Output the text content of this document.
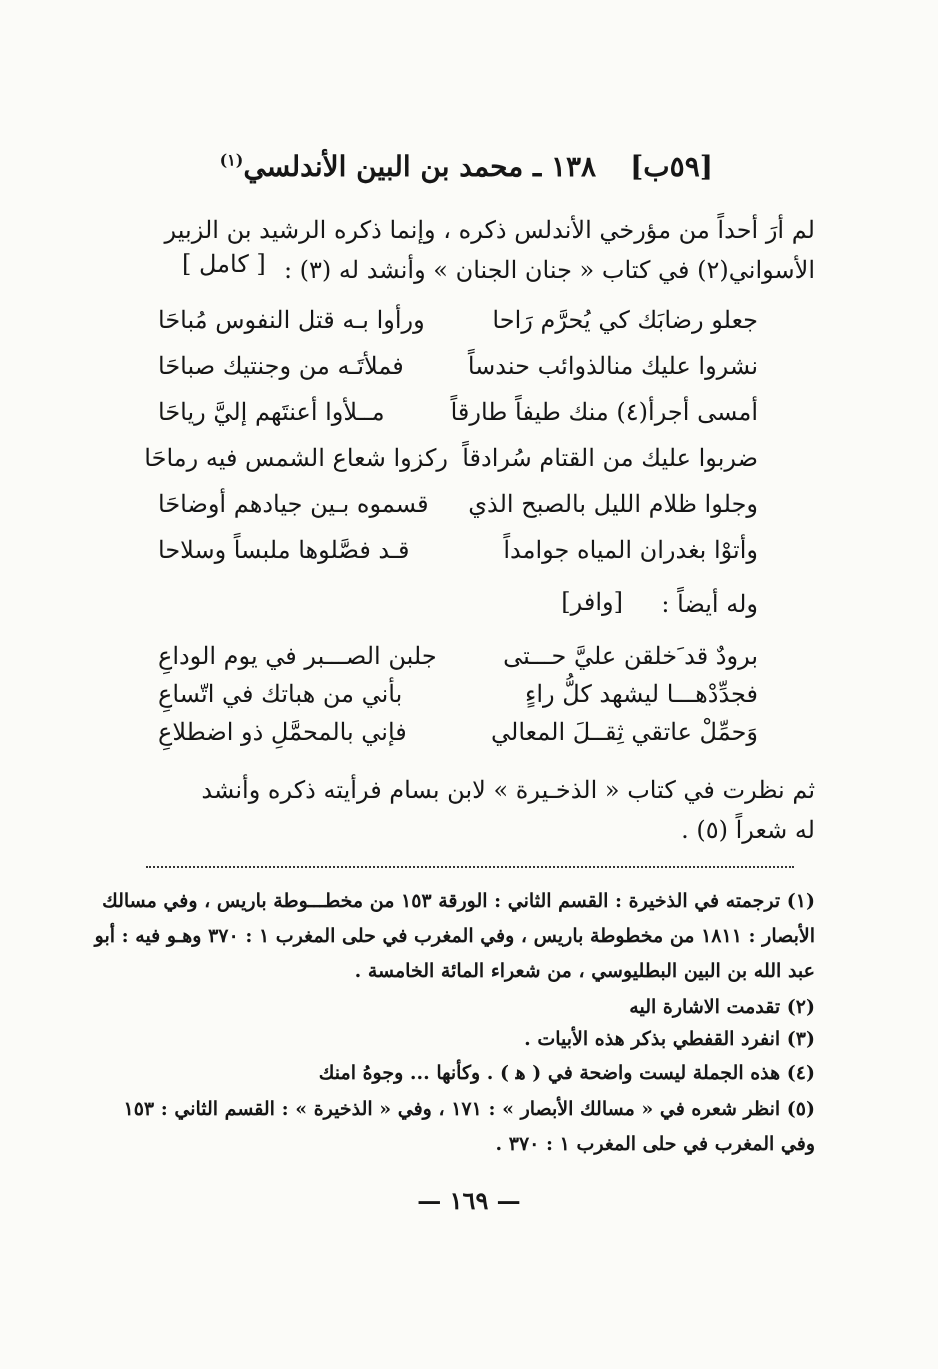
[٥٩ب]
١٣٨ ـ محمد بن البين الأندلسي$^{(١)}$
لم أرَ أحداً من مؤرخي الأندلس ذكره ، وإنما ذكره الرشيد بن الزبير
الأسواني(٢) في كتاب « جنان الجنان » وأنشد له (٣) :
[ كامل ]
جعلو رضابَك كي يُحرَّم رَاحا
ورأوا بـه قتل النفوس مُباحَا
نشروا عليك منالذوائب حندساً
فملأتَـه من وجنتيك صباحَا
أمسى أجرأ(٤) منك طيفاً طارقاً
مــلأوا أعنتَهم إليَّ رياحَا
ضربوا عليك من القتام سُرادقاً
ركزوا شعاع الشمس فيه رماحَا
وجلوا ظلام الليل بالصبح الذي
قسموه بـين جيادهم أوضاحَا
وأتوْا بغدران المياه جوامداً
قـد فصَّلوها ملبساً وسلاحا
وله أيضاً :
[وافر]
برودٌ قد َخلقن عليَّ حـــتى
جلبن الصـــبر في يوم الوداعِ
فجدِّدْهـــا ليشهد كلُّ راءٍ
بأني من هباتك في اتّساعِ
وَحمِّلْ عاتقي ثِقــلَ المعالي
فإني بالمحمَّلِ ذو اضطلاعِ
ثم نظرت في كتاب « الذخـيرة » لابن بسام فرأيته ذكره وأنشد
له شعراً (٥) .
(١) ترجمته في الذخيرة : القسم الثاني : الورقة ١٥٣ من مخطـــوطة باريس ، وفي مسالك
الأبصار : ١٨١١ من مخطوطة باريس ، وفي المغرب في حلى المغرب ١ : ٣٧٠ وهـو فيه : أبو
عبد الله بن البين البطليوسي ، من شعراء المائة الخامسة .
(٢) تقدمت الاشارة اليه
(٣) انفرد القفطي بذكر هذه الأبيات .
(٤) هذه الجملة ليست واضحة في ( ﻫ ) . وكأنها ... وجوهُ امنك
(٥) انظر شعره في « مسالك الأبصار » : ١٧١ ، وفي « الذخيرة » : القسم الثاني : ١٥٣
وفي المغرب في حلى المغرب ١ : ٣٧٠ .
— ١٦٩ —
